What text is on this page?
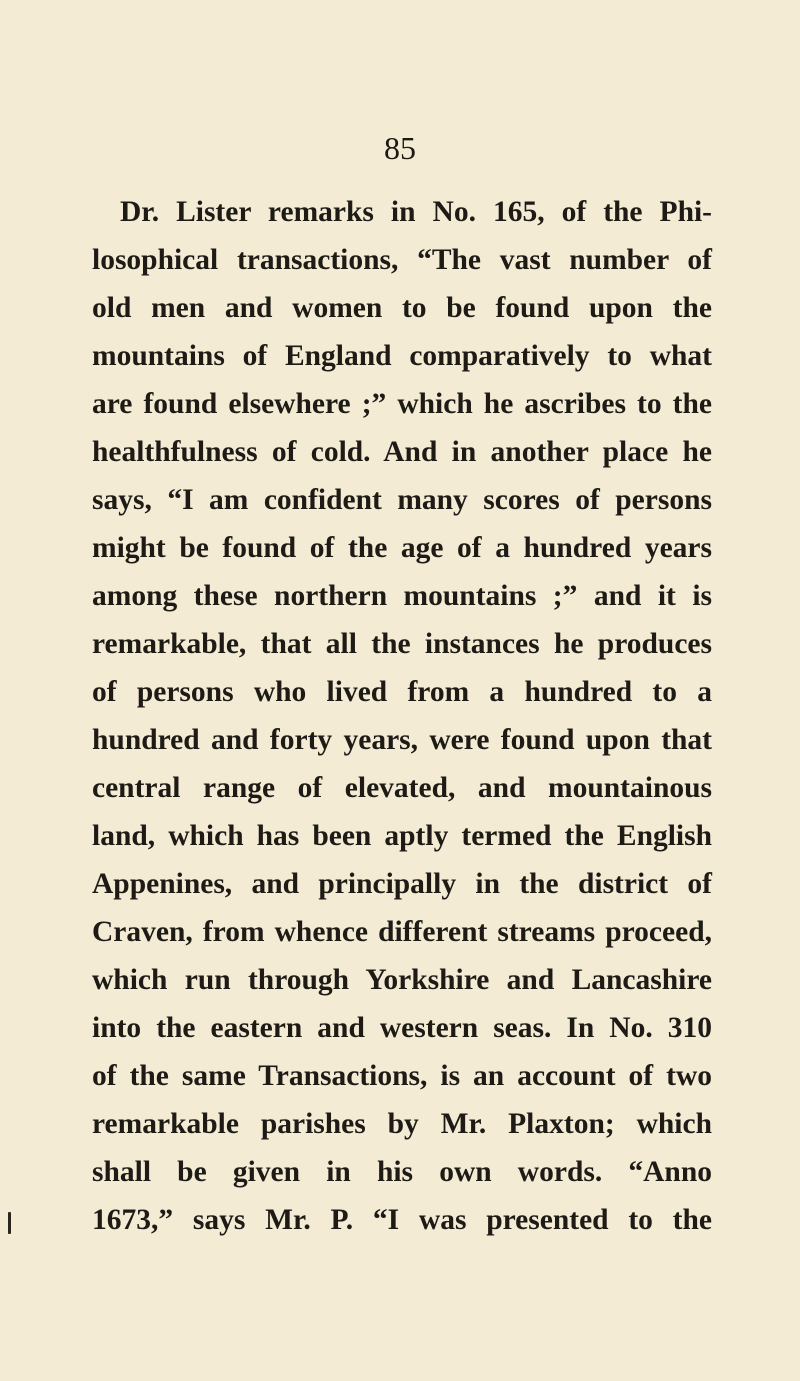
85
Dr. Lister remarks in No. 165, of the Phi-
losophical transactions, “The vast number of
old men and women to be found upon the
mountains of England comparatively to what
are found elsewhere ;” which he ascribes to the
healthfulness of cold. And in another place he
says, “I am confident many scores of persons
might be found of the age of a hundred years
among these northern mountains ;” and it is
remarkable, that all the instances he produces
of persons who lived from a hundred to a
hundred and forty years, were found upon that
central range of elevated, and mountainous
land, which has been aptly termed the English
Appenines, and principally in the district of
Craven, from whence different streams proceed,
which run through Yorkshire and Lancashire
into the eastern and western seas. In No. 310
of the same Transactions, is an account of two
remarkable parishes by Mr. Plaxton; which
shall be given in his own words. “Anno
1673,” says Mr. P. “I was presented to the
